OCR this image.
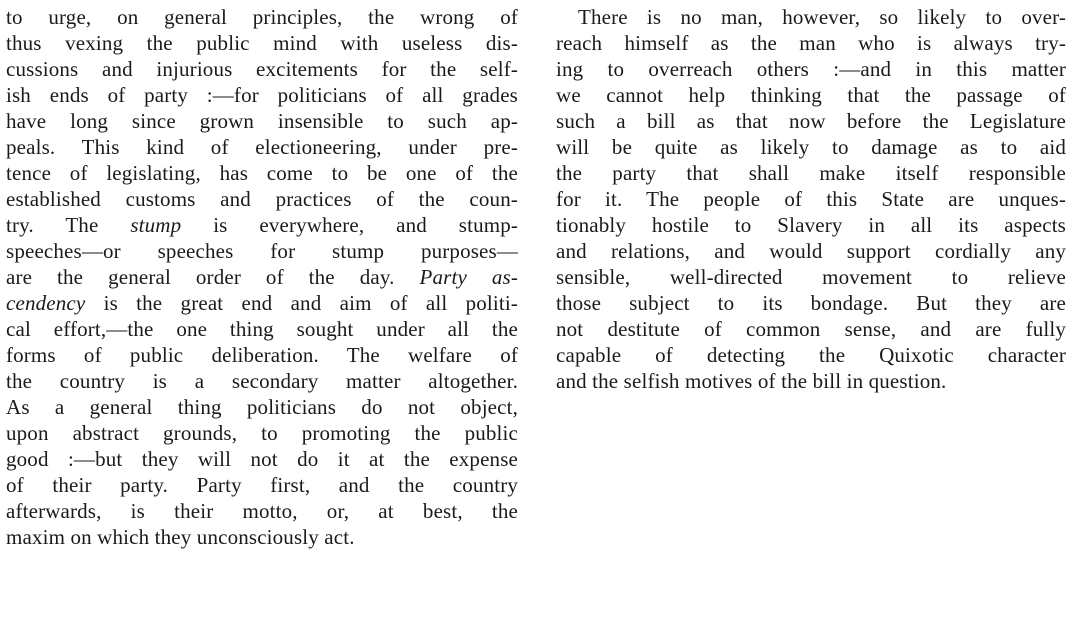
to urge, on general principles, the wrong of
thus vexing the public mind with useless dis-
cussions and injurious excitements for the self-
ish ends of party :—for politicians of all grades
have long since grown insensible to such ap-
peals. This kind of electioneering, under pre-
tence of legislating, has come to be one of the
established customs and practices of the coun-
try. The stump is everywhere, and stump-
speeches—or speeches for stump purposes—
are the general order of the day. Party as-
cendency is the great end and aim of all politi-
cal effort,—the one thing sought under all the
forms of public deliberation. The welfare of
the country is a secondary matter altogether.
As a general thing politicians do not object,
upon abstract grounds, to promoting the public
good :—but they will not do it at the expense
of their party. Party first, and the country
afterwards, is their motto, or, at best, the
maxim on which they unconsciously act.
There is no man, however, so likely to over-
reach himself as the man who is always try-
ing to overreach others :—and in this matter
we cannot help thinking that the passage of
such a bill as that now before the Legislature
will be quite as likely to damage as to aid
the party that shall make itself responsible
for it. The people of this State are unques-
tionably hostile to Slavery in all its aspects
and relations, and would support cordially any
sensible, well-directed movement to relieve
those subject to its bondage. But they are
not destitute of common sense, and are fully
capable of detecting the Quixotic character
and the selfish motives of the bill in question.
